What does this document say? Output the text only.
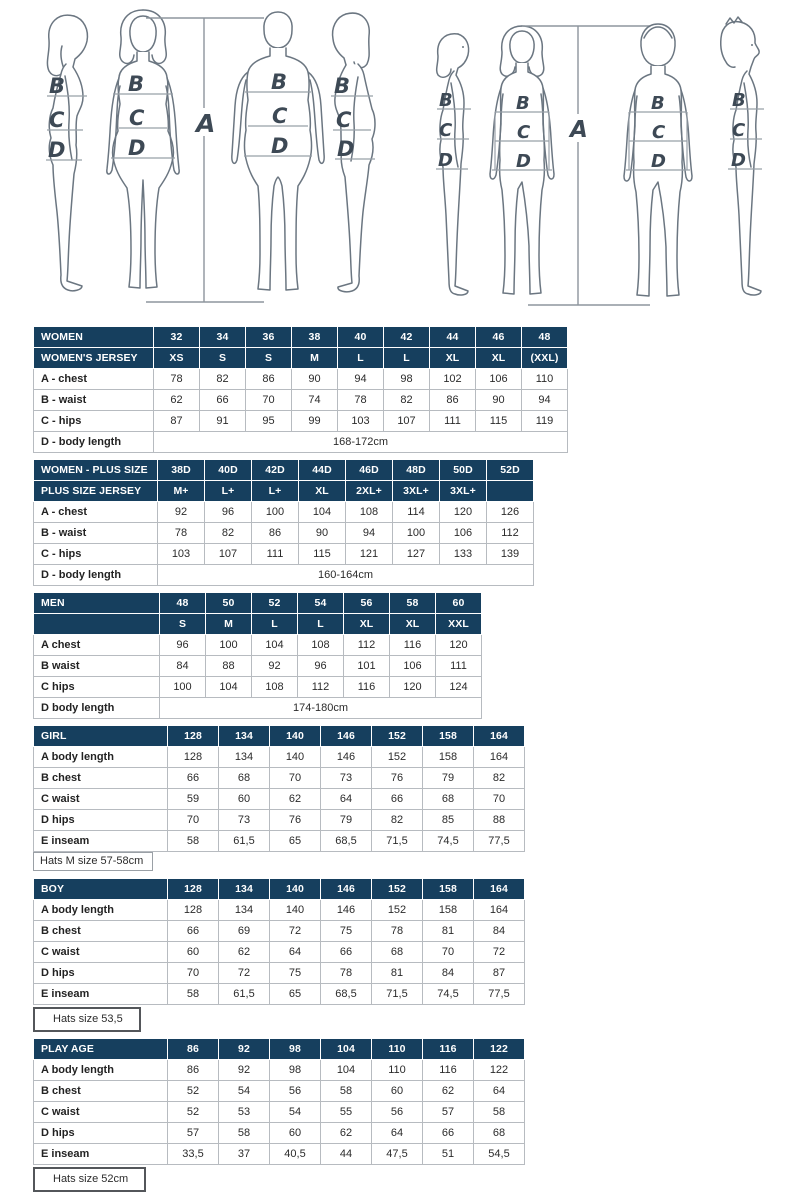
B
C
D
B
C
D
A
B
C
D
B
C
D
B
C
D
B
C
D
A
B
C
D
B
C
D
WOMEN	32	34	36	38	40	42	44	46	48
WOMEN'S JERSEY	XS	S	S	M	L	L	XL	XL	(XXL)
A - chest	78	82	86	90	94	98	102	106	110
B - waist	62	66	70	74	78	82	86	90	94
C - hips	87	91	95	99	103	107	111	115	119
D - body length	168-172cm								
WOMEN - PLUS SIZE	38D	40D	42D	44D	46D	48D	50D	52D
PLUS SIZE JERSEY	M+	L+	L+	XL	2XL+	3XL+	3XL+	
A - chest	92	96	100	104	108	114	120	126
B - waist	78	82	86	90	94	100	106	112
C - hips	103	107	111	115	121	127	133	139
D - body length	160-164cm							
MEN	48	50	52	54	56	58	60
	S	M	L	L	XL	XL	XXL
A chest	96	100	104	108	112	116	120
B waist	84	88	92	96	101	106	111
C hips	100	104	108	112	116	120	124
D body length	174-180cm						
GIRL	128	134	140	146	152	158	164
A body length	128	134	140	146	152	158	164
B chest	66	68	70	73	76	79	82
C waist	59	60	62	64	66	68	70
D hips	70	73	76	79	82	85	88
E inseam	58	61,5	65	68,5	71,5	74,5	77,5
Hats M size 57-58cm
BOY	128	134	140	146	152	158	164
A body length	128	134	140	146	152	158	164
B chest	66	69	72	75	78	81	84
C waist	60	62	64	66	68	70	72
D hips	70	72	75	78	81	84	87
E inseam	58	61,5	65	68,5	71,5	74,5	77,5
Hats size 53,5
PLAY AGE	86	92	98	104	110	116	122
A body length	86	92	98	104	110	116	122
B chest	52	54	56	58	60	62	64
C waist	52	53	54	55	56	57	58
D hips	57	58	60	62	64	66	68
E inseam	33,5	37	40,5	44	47,5	51	54,5
Hats size 52cm
